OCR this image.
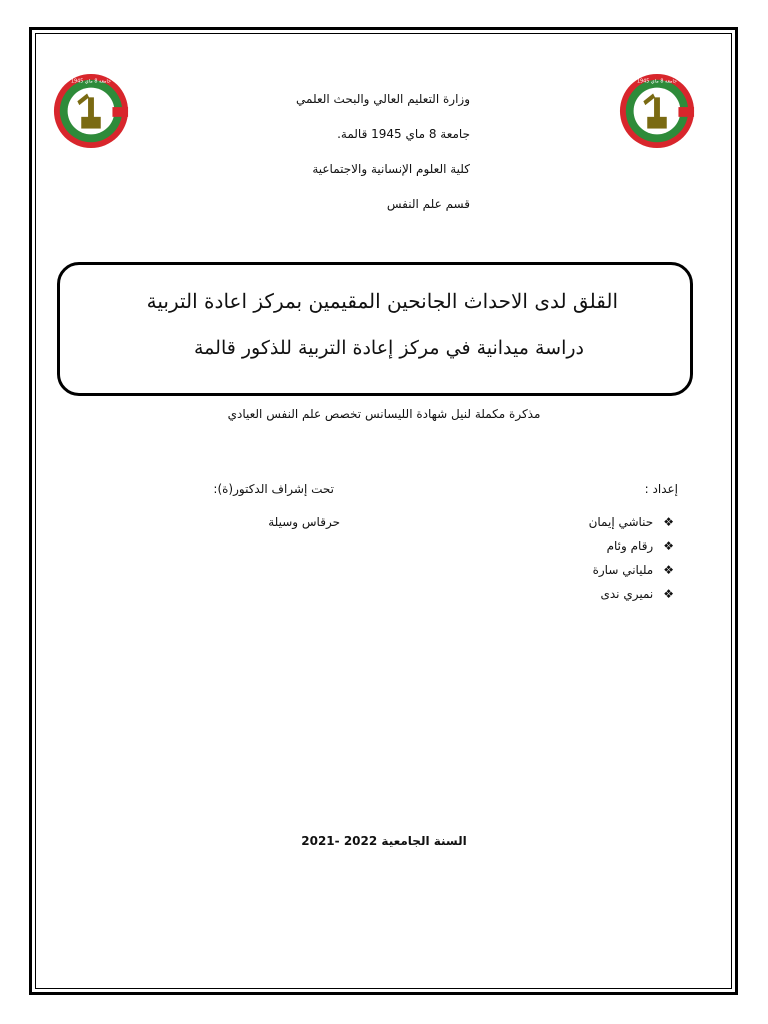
جامعة 8 ماي 1945	جامعة 8 ماي 1945
وزارة التعليم العالي والبحث العلمي
جامعة 8 ماي 1945 قالمة.
كلية العلوم الإنسانية والاجتماعية
قسم علم النفس
القلق لدى الاحداث الجانحين المقيمين بمركز اعادة التربية
دراسة ميدانية في مركز إعادة التربية للذكور قالمة
مذكرة مكملة لنيل شهادة الليسانس تخصص علم النفس العيادي
إعداد :
تحت إشراف الدكتور(ة):
حرقاس وسيلة	❖
حناشي إيمان
❖
رقام وئام
❖
ملياني سارة
❖
نميري ندى
السنة الجامعية 2022 -2021
